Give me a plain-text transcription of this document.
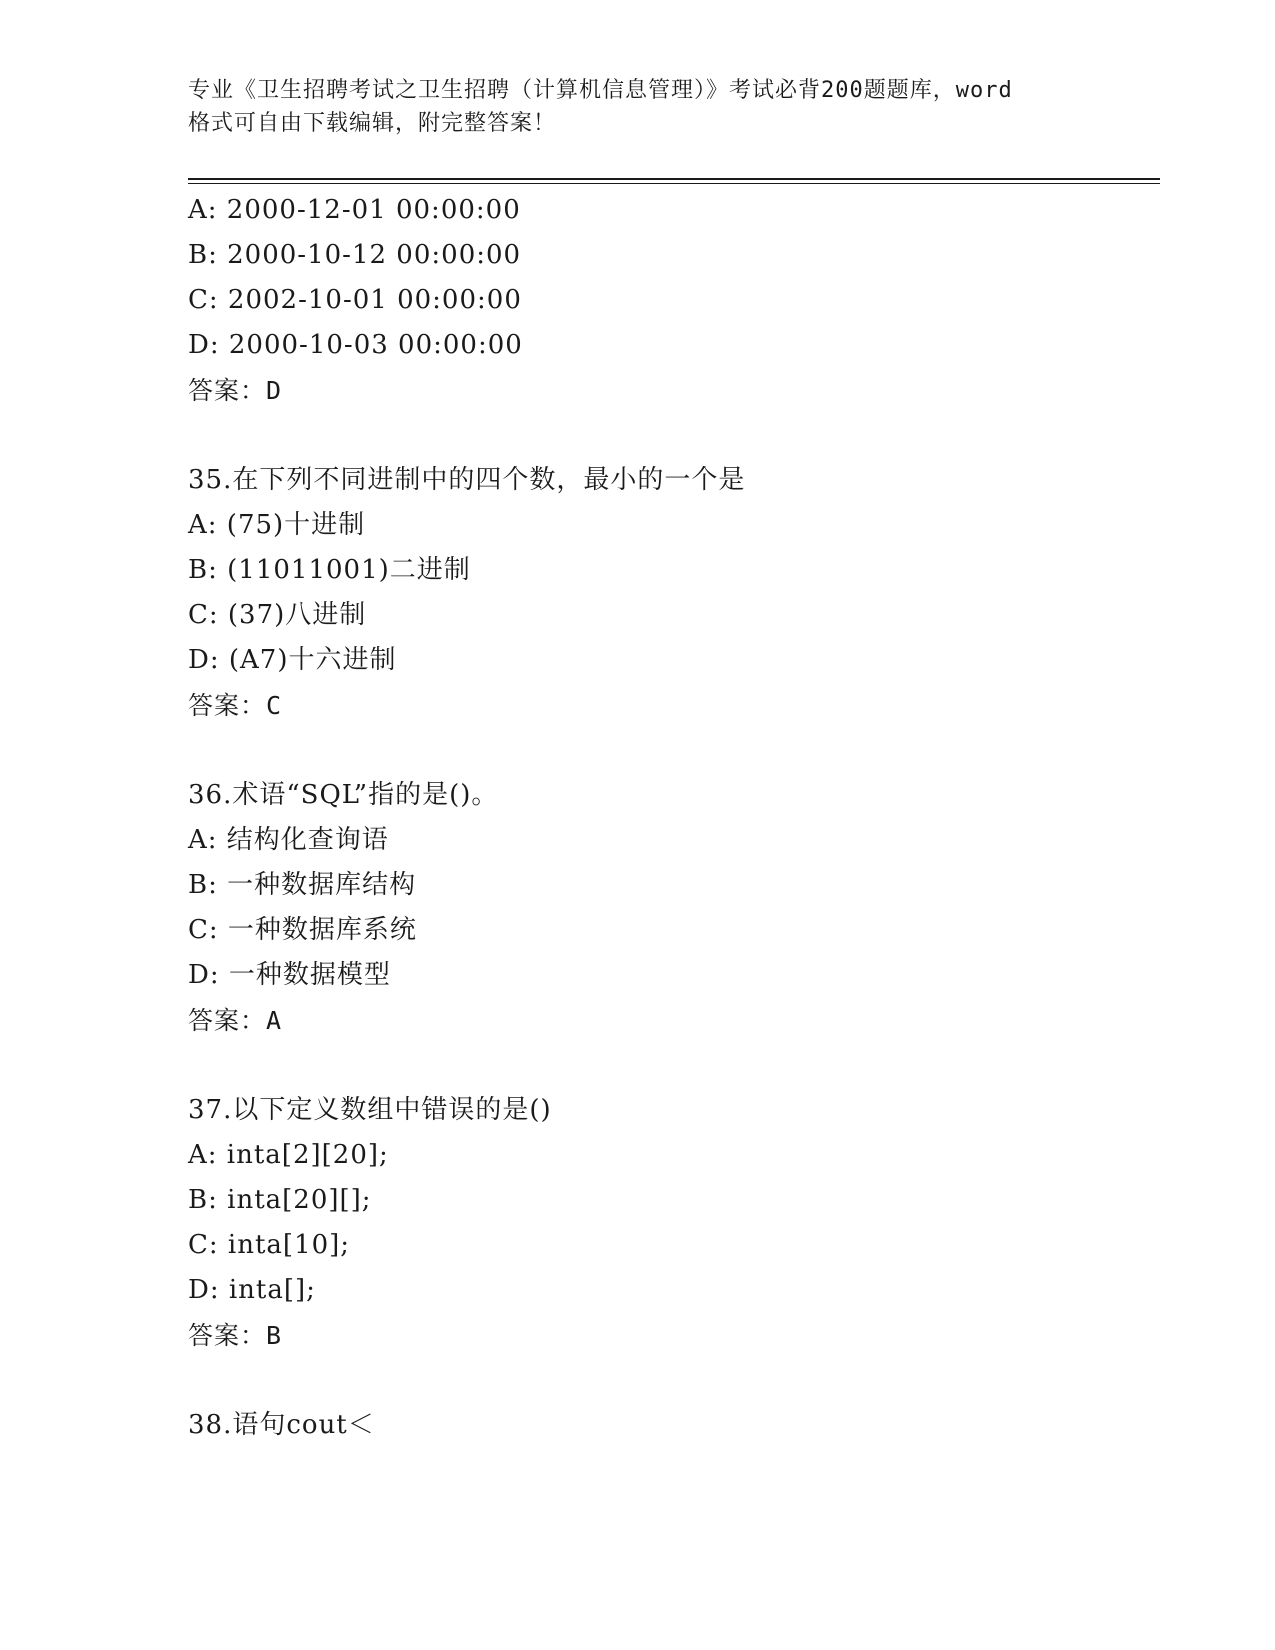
专业《卫生招聘考试之卫生招聘（计算机信息管理）》考试必背200题题库，word
格式可自由下载编辑，附完整答案！
A: 2000-12-01 00:00:00
B: 2000-10-12 00:00:00
C: 2002-10-01 00:00:00
D: 2000-10-03 00:00:00
答案：D
35.在下列不同进制中的四个数，最小的一个是
A: (75)十进制
B: (11011001)二进制
C: (37)八进制
D: (A7)十六进制
答案：C
36.术语“SQL”指的是()。
A: 结构化查询语
B: 一种数据库结构
C: 一种数据库系统
D: 一种数据模型
答案：A
37.以下定义数组中错误的是()
A: inta[2][20];
B: inta[20][];
C: inta[10];
D: inta[];
答案：B
38.语句cout＜
